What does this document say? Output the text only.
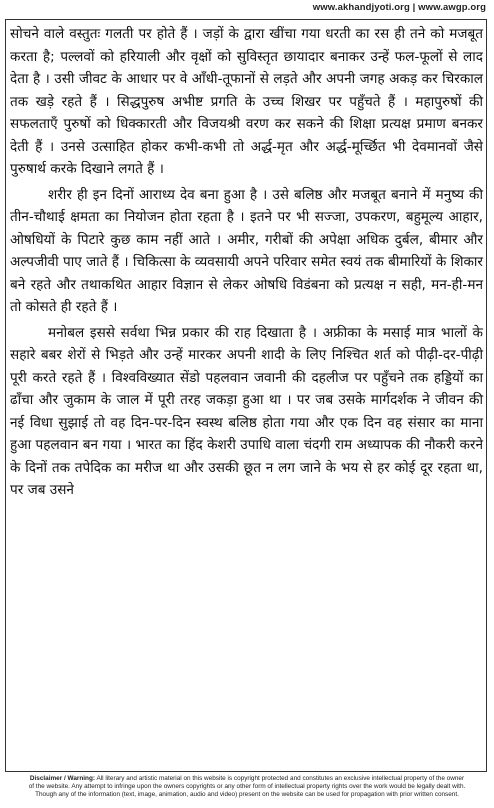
www.akhandjyoti.org | www.awgp.org

सोचने वाले वस्तुतः गलती पर होते हैं । जड़ों के द्वारा खींचा गया धरती का रस ही तने को मजबूत करता है; पल्लवों को हरियाली और वृक्षों को सुविस्तृत छायादार बनाकर उन्हें फल-फूलों से लाद देता है । उसी जीवट के आधार पर वे आँधी-तूफानों से लड़ते और अपनी जगह अकड़ कर चिरकाल तक खड़े रहते हैं । सिद्धपुरुष अभीष्ट प्रगति के उच्च शिखर पर पहुँचते हैं । महापुरुषों की सफलताएँ पुरुषों को धिक्कारती और विजयश्री वरण कर सकने की शिक्षा प्रत्यक्ष प्रमाण बनकर देती हैं । उनसे उत्साहित होकर कभी-कभी तो अर्द्ध-मृत और अर्द्ध-मूर्च्छित भी देवमानवों जैसे पुरुषार्थ करके दिखाने लगते हैं ।

शरीर ही इन दिनों आराध्य देव बना हुआ है । उसे बलिष्ठ और मजबूत बनाने में मनुष्य की तीन-चौथाई क्षमता का नियोजन होता रहता है । इतने पर भी सज्जा, उपकरण, बहुमूल्य आहार, ओषधियों के पिटारे कुछ काम नहीं आते । अमीर, गरीबों की अपेक्षा अधिक दुर्बल, बीमार और अल्पजीवी पाए जाते हैं । चिकित्सा के व्यवसायी अपने परिवार समेत स्वयं तक बीमारियों के शिकार बने रहते और तथाकथित आहार विज्ञान से लेकर ओषधि विडंबना को प्रत्यक्ष न सही, मन-ही-मन तो कोसते ही रहते हैं ।

मनोबल इससे सर्वथा भिन्न प्रकार की राह दिखाता है । अफ्रीका के मसाई मात्र भालों के सहारे बबर शेरों से भिड़ते और उन्हें मारकर अपनी शादी के लिए निश्चित शर्त को पीढ़ी-दर-पीढ़ी पूरी करते रहते हैं । विश्वविख्यात सेंडो पहलवान जवानी की दहलीज पर पहुँचने तक हड्डियों का ढाँचा और जुकाम के जाल में पूरी तरह जकड़ा हुआ था । पर जब उसके मार्गदर्शक ने जीवन की नई विधा सुझाई तो वह दिन-पर-दिन स्वस्थ बलिष्ठ होता गया और एक दिन वह संसार का माना हुआ पहलवान बन गया । भारत का हिंद केशरी उपाधि वाला चंदगी राम अध्यापक की नौकरी करने के दिनों तक तपेदिक का मरीज था और उसकी छूत न लग जाने के भय से हर कोई दूर रहता था, पर जब उसने

Disclaimer / Warning: All literary and artistic material on this website is copyright protected and constitutes an exclusive intellectual property of the owner
of the website. Any attempt to infringe upon the owners copyrights or any other form of intellectual property rights over the work would be legally dealt with.
Though any of the information (text, image, animation, audio and video) present on the website can be used for propagation with prior written consent.
